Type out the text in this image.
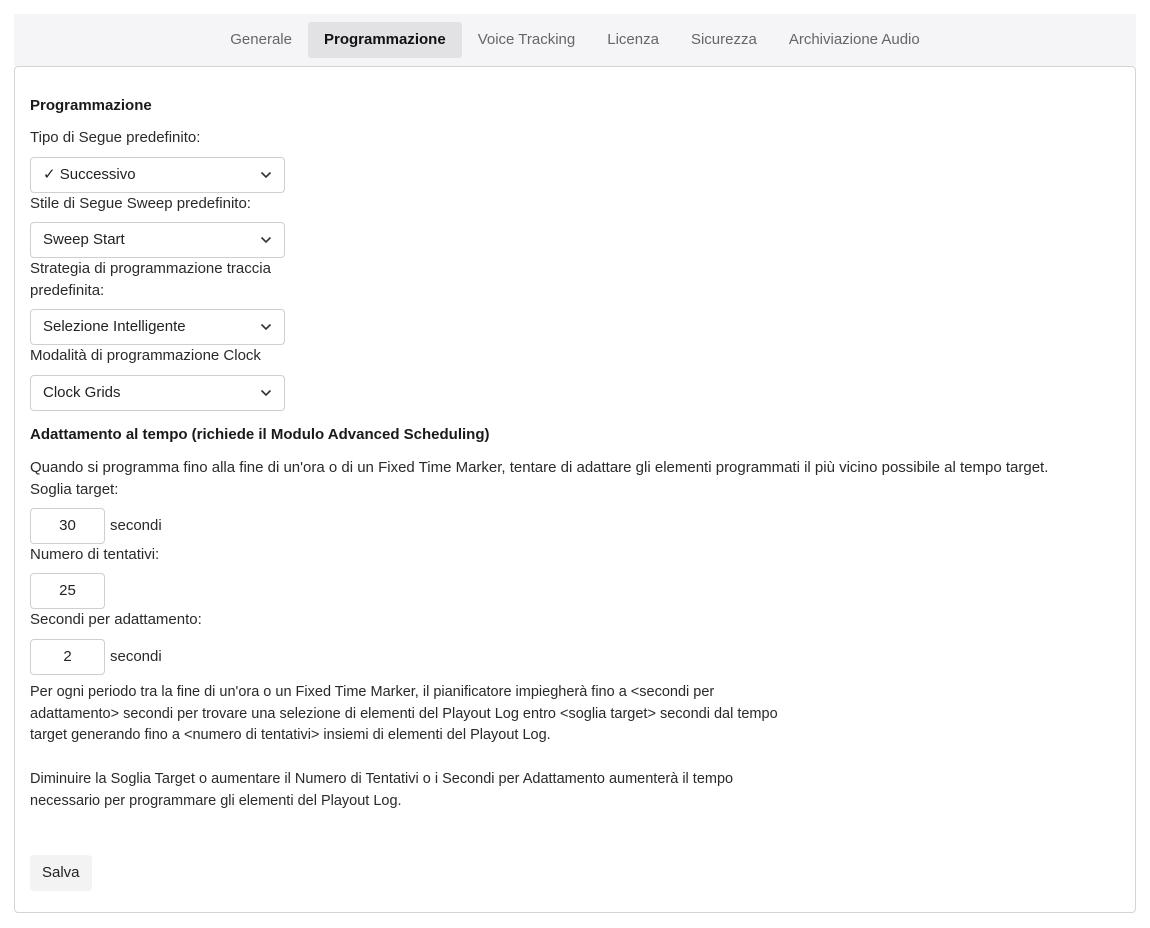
Generale	Programmazione	Voice Tracking	Licenza	Sicurezza	Archiviazione Audio
Programmazione
Tipo di Segue predefinito:
✓ Successivo
Stile di Segue Sweep predefinito:
Sweep Start
Strategia di programmazione traccia
predefinita:
Selezione Intelligente
Modalità di programmazione Clock
Clock Grids
Adattamento al tempo (richiede il Modulo Advanced Scheduling)
Quando si programma fino alla fine di un'ora o di un Fixed Time Marker, tentare di adattare gli elementi programmati il più vicino possibile al tempo target.
Soglia target:
30	secondi
Numero di tentativi:
25
Secondi per adattamento:
2	secondi
Per ogni periodo tra la fine di un'ora o un Fixed Time Marker, il pianificatore impiegherà fino a <secondi per
adattamento> secondi per trovare una selezione di elementi del Playout Log entro <soglia target> secondi dal tempo
target generando fino a <numero di tentativi> insiemi di elementi del Playout Log.
Diminuire la Soglia Target o aumentare il Numero di Tentativi o i Secondi per Adattamento aumenterà il tempo
necessario per programmare gli elementi del Playout Log.
Salva
